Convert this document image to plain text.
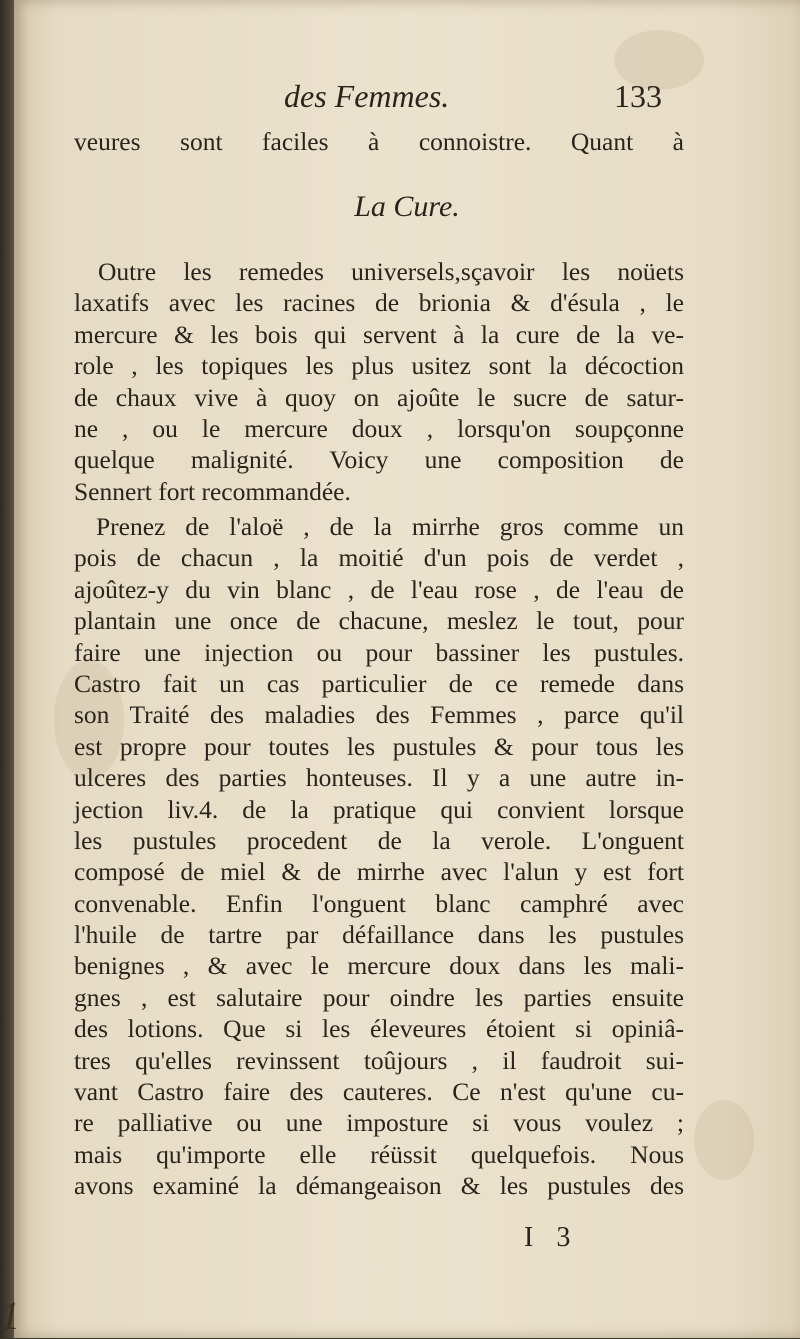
des Femmes.	133
veures sont faciles à connoistre. Quant à
La Cure.
Outre les remedes universels,sçavoir les noüets
laxatifs avec les racines de brionia & d'ésula , le
mercure & les bois qui servent à la cure de la ve-
role , les topiques les plus usitez sont la décoction
de chaux vive à quoy on ajoûte le sucre de satur-
ne , ou le mercure doux , lorsqu'on soupçonne
quelque malignité. Voicy une composition de
Sennert fort recommandée.
Prenez de l'aloë , de la mirrhe gros comme un
pois de chacun , la moitié d'un pois de verdet ,
ajoûtez-y du vin blanc , de l'eau rose , de l'eau de
plantain une once de chacune, meslez le tout, pour
faire une injection ou pour bassiner les pustules.
Castro fait un cas particulier de ce remede dans
son Traité des maladies des Femmes , parce qu'il
est propre pour toutes les pustules & pour tous les
ulceres des parties honteuses. Il y a une autre in-
jection liv.4. de la pratique qui convient lorsque
les pustules procedent de la verole. L'onguent
composé de miel & de mirrhe avec l'alun y est fort
convenable. Enfin l'onguent blanc camphré avec
l'huile de tartre par défaillance dans les pustules
benignes , & avec le mercure doux dans les mali-
gnes , est salutaire pour oindre les parties ensuite
des lotions. Que si les éleveures étoient si opiniâ-
tres qu'elles revinssent toûjours , il faudroit sui-
vant Castro faire des cauteres. Ce n'est qu'une cu-
re palliative ou une imposture si vous voulez ;
mais qu'importe elle réüssit quelquefois. Nous
avons examiné la démangeaison & les pustules des
I 3
1
